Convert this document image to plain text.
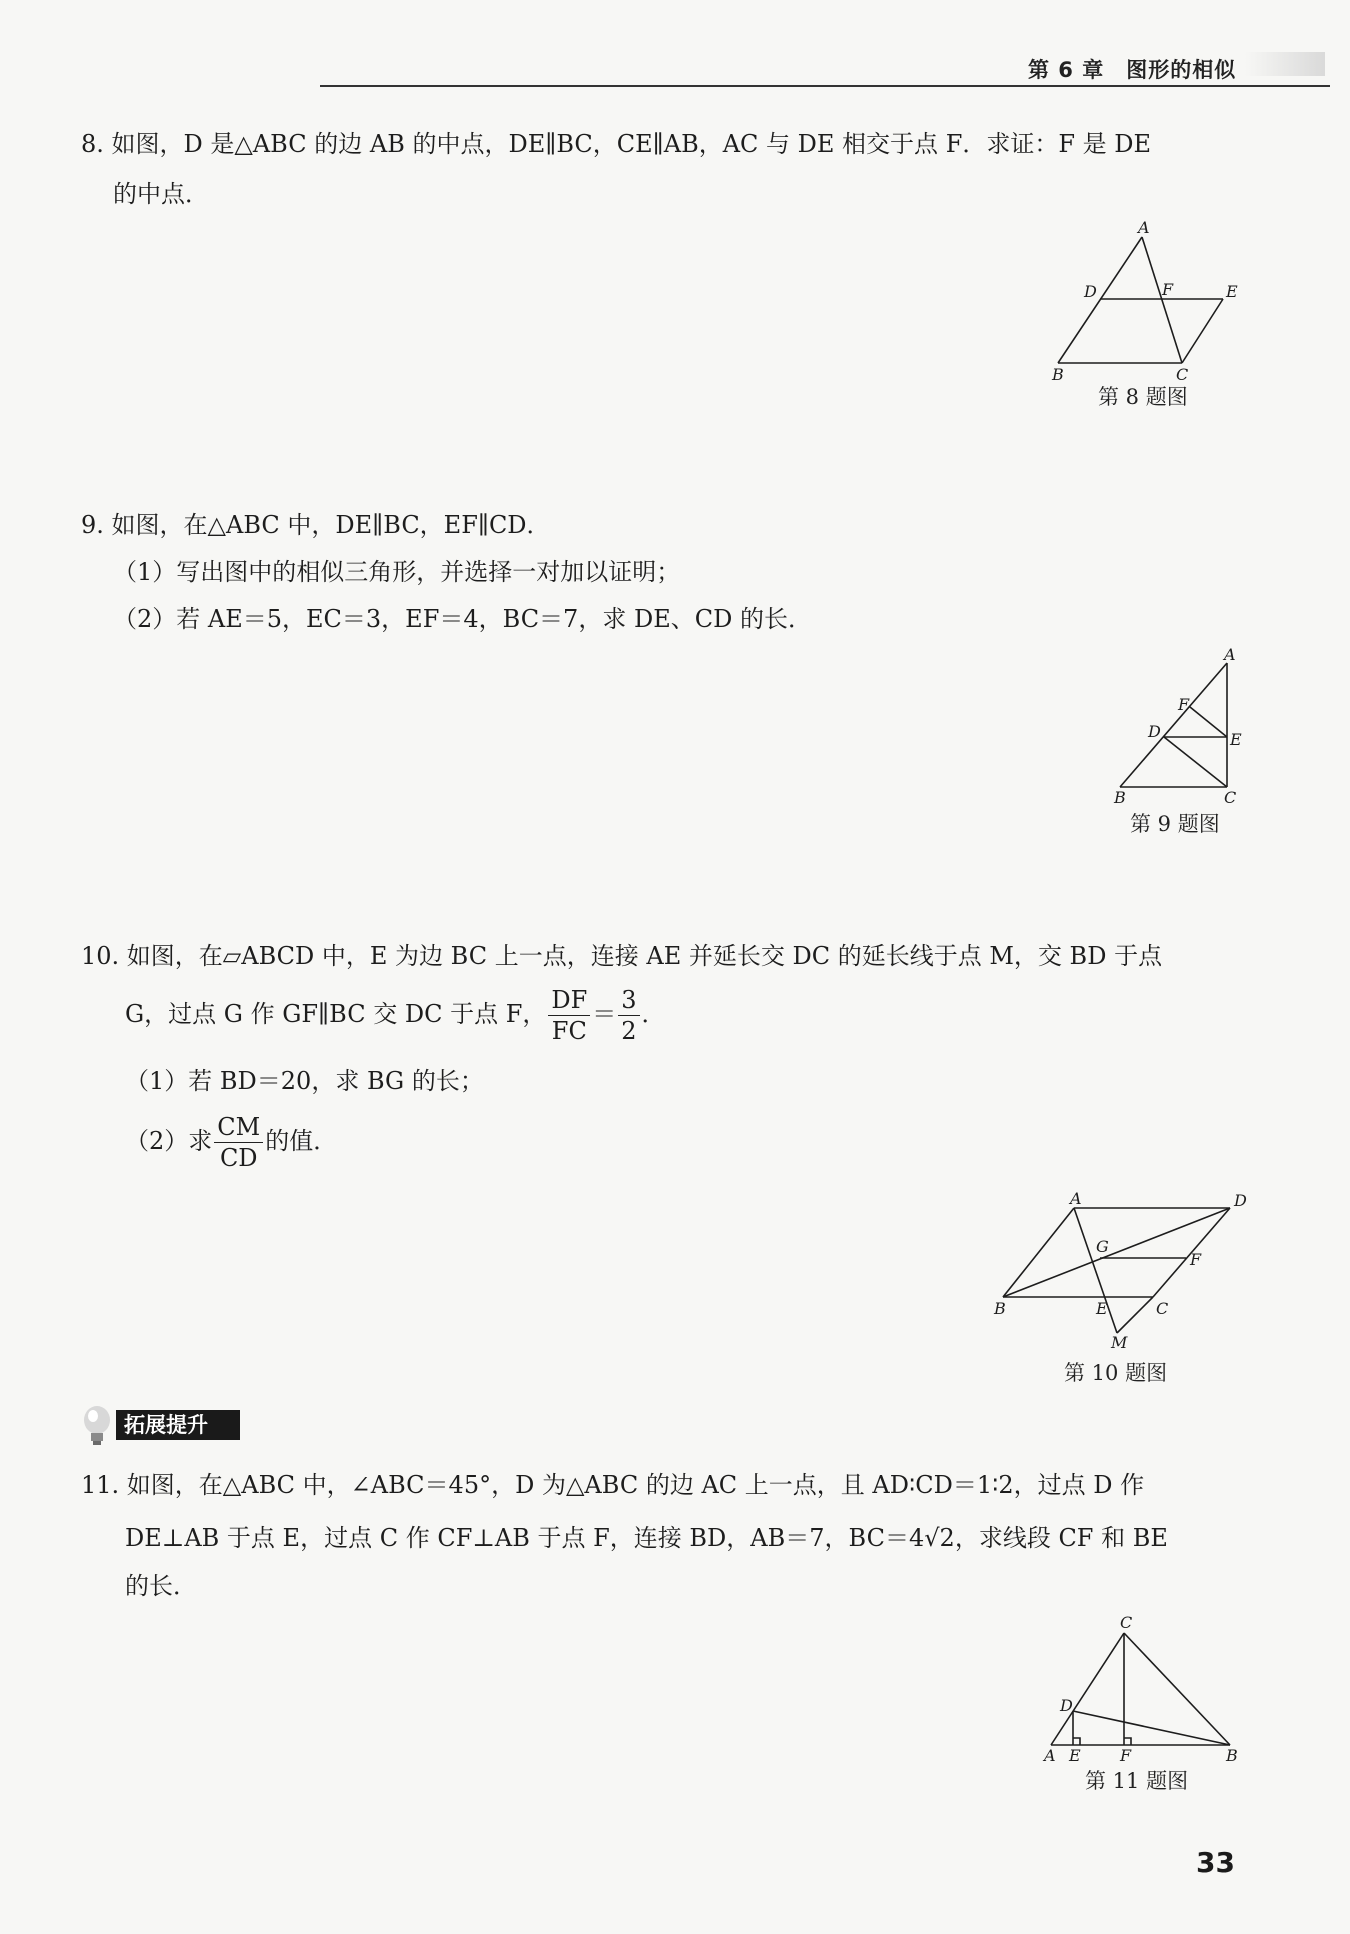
第 6 章　图形的相似
8. 如图，D 是△ABC 的边 AB 的中点，DE∥BC，CE∥AB，AC 与 DE 相交于点 F．求证：F 是 DE
的中点．
A
D	F	E
B	C
第 8 题图
9. 如图，在△ABC 中，DE∥BC，EF∥CD．
（1）写出图中的相似三角形，并选择一对加以证明；
（2）若 AE＝5，EC＝3，EF＝4，BC＝7，求 DE、CD 的长．
A
F
D	E
B	C
第 9 题图
10. 如图，在▱ABCD 中，E 为边 BC 上一点，连接 AE 并延长交 DC 的延长线于点 M，交 BD 于点
G，过点 G 作 GF∥BC 交 DC 于点 F， $\frac{DF}{FC} = \frac{3}{2}$ ．
（1）若 BD＝20，求 BG 的长；
（2）求 $\frac{CM}{CD}$ 的值．
A	D
G
F
B	E	C
M
第 10 题图
拓展提升
11. 如图，在△ABC 中，∠ABC＝45°，D 为△ABC 的边 AC 上一点，且 AD∶CD＝1∶2，过点 D 作
DE⊥AB 于点 E，过点 C 作 CF⊥AB 于点 F，连接 BD，AB＝7，BC＝4√2，求线段 CF 和 BE
的长．
C
D
A E F	B
第 11 题图
33
